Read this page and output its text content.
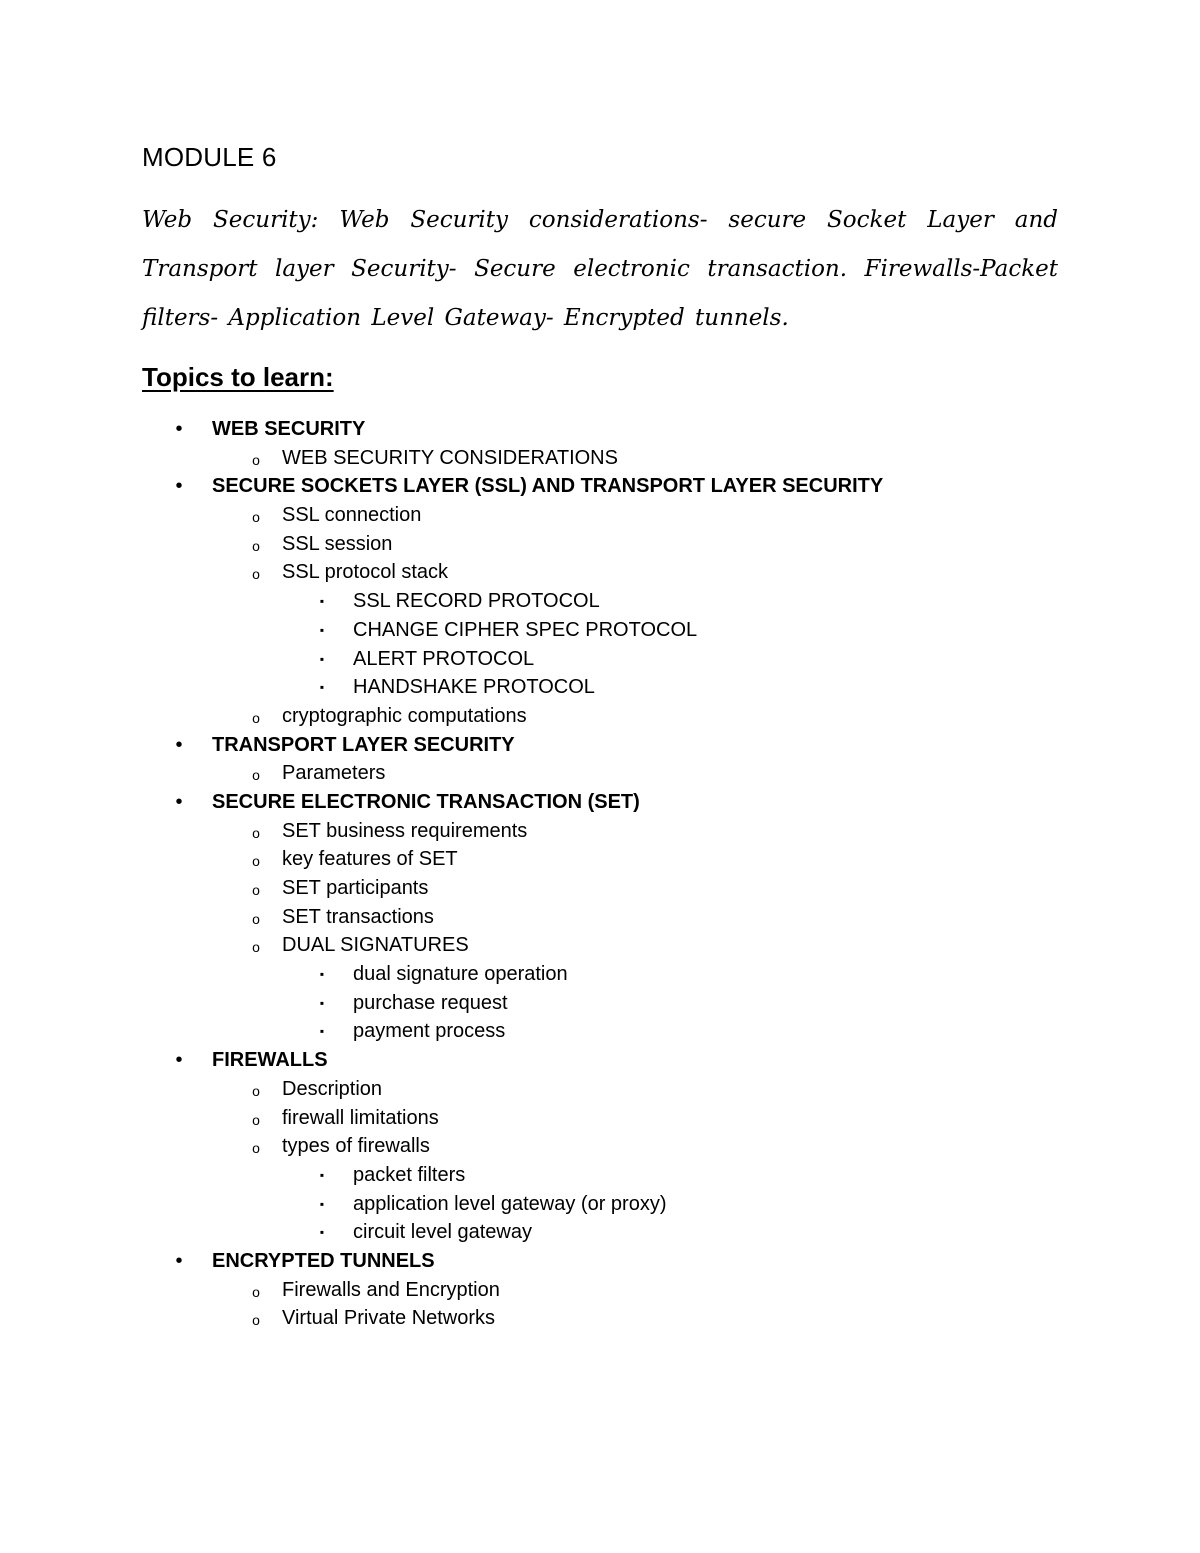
MODULE 6

Web Security: Web Security considerations- secure Socket Layer and Transport layer Security- Secure electronic transaction. Firewalls-Packet filters- Application Level Gateway- Encrypted tunnels.

Topics to learn:
• WEB SECURITY
o WEB SECURITY CONSIDERATIONS
• SECURE SOCKETS LAYER (SSL) AND TRANSPORT LAYER SECURITY
o SSL connection
o SSL session
o SSL protocol stack
▪ SSL RECORD PROTOCOL
▪ CHANGE CIPHER SPEC PROTOCOL
▪ ALERT PROTOCOL
▪ HANDSHAKE PROTOCOL
o cryptographic computations
• TRANSPORT LAYER SECURITY
o Parameters
• SECURE ELECTRONIC TRANSACTION (SET)
o SET business requirements
o key features of SET
o SET participants
o SET transactions
o DUAL SIGNATURES
▪ dual signature operation
▪ purchase request
▪ payment process
• FIREWALLS
o Description
o firewall limitations
o types of firewalls
▪ packet filters
▪ application level gateway (or proxy)
▪ circuit level gateway
• ENCRYPTED TUNNELS
o Firewalls and Encryption
o Virtual Private Networks
